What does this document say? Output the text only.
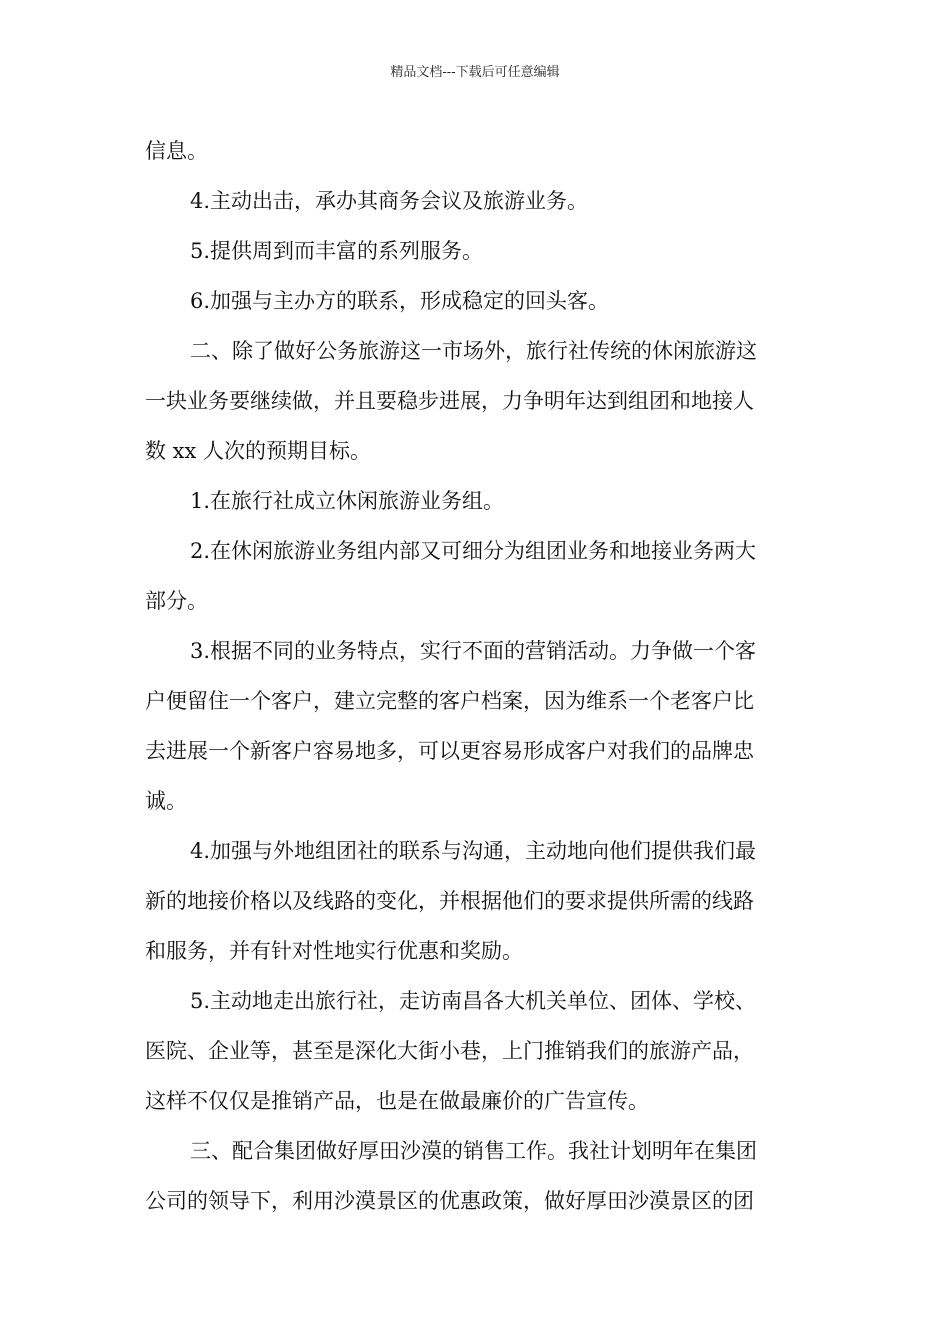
精品文档---下载后可任意编辑
信息。
4.主动出击，承办其商务会议及旅游业务。
5.提供周到而丰富的系列服务。
6.加强与主办方的联系，形成稳定的回头客。
二、除了做好公务旅游这一市场外，旅行社传统的休闲旅游这
一块业务要继续做，并且要稳步进展，力争明年达到组团和地接人
数 xx 人次的预期目标。
1.在旅行社成立休闲旅游业务组。
2.在休闲旅游业务组内部又可细分为组团业务和地接业务两大
部分。
3.根据不同的业务特点，实行不面的营销活动。力争做一个客
户便留住一个客户，建立完整的客户档案，因为维系一个老客户比
去进展一个新客户容易地多，可以更容易形成客户对我们的品牌忠
诚。
4.加强与外地组团社的联系与沟通，主动地向他们提供我们最
新的地接价格以及线路的变化，并根据他们的要求提供所需的线路
和服务，并有针对性地实行优惠和奖励。
5.主动地走出旅行社，走访南昌各大机关单位、团体、学校、
医院、企业等，甚至是深化大街小巷，上门推销我们的旅游产品，
这样不仅仅是推销产品，也是在做最廉价的广告宣传。
三、配合集团做好厚田沙漠的销售工作。我社计划明年在集团
公司的领导下，利用沙漠景区的优惠政策，做好厚田沙漠景区的团
